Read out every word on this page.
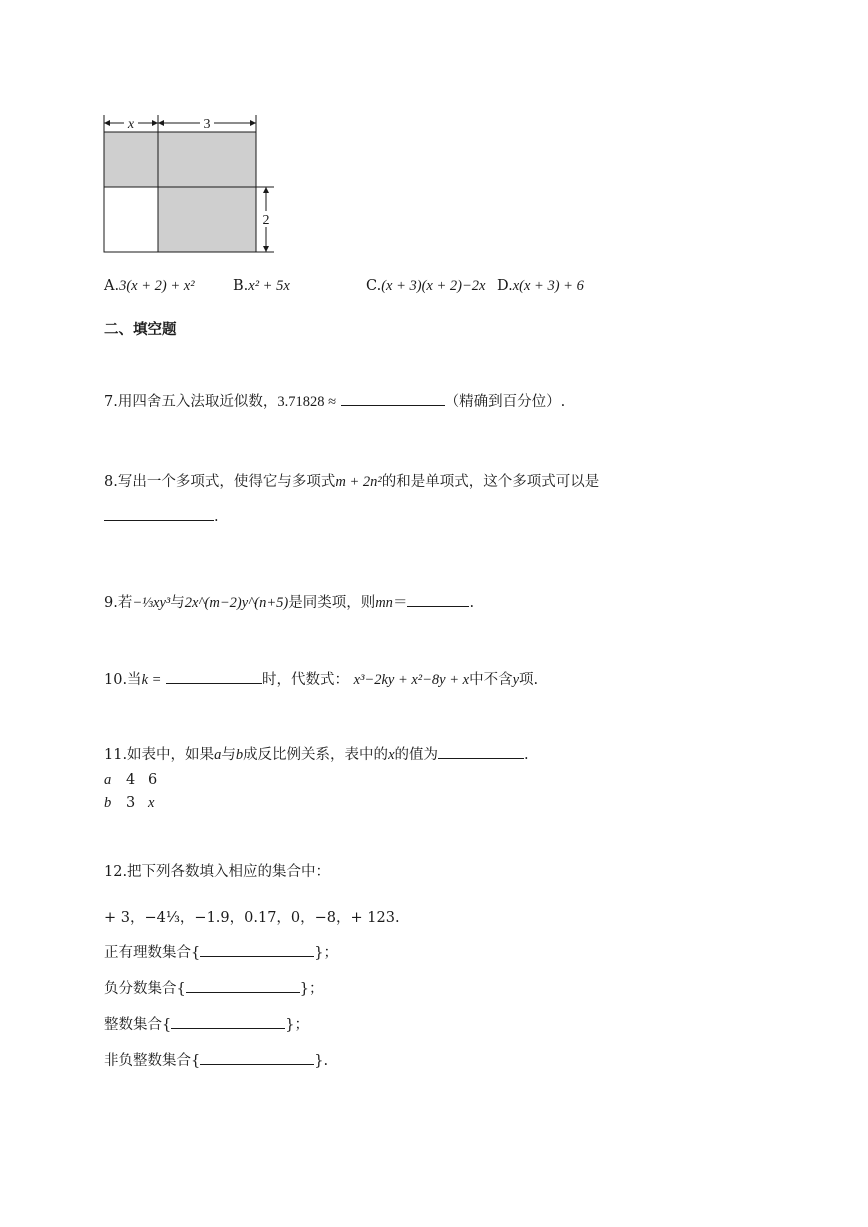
x	3
2
A.3(x + 2) + x²	B.x² + 5x	C.(x + 3)(x + 2)−2x D.x(x + 3) + 6
二、填空题
7.用四舍五入法取近似数，3.71828 ≈	（精确到百分位）.
8.写出一个多项式，使得它与多项式m + 2n²的和是单项式，这个多项式可以是
.
9.若−⅓xy³与2x^(m−2)y^(n+5)是同类项，则mn＝	.
10.当k =	时，代数式： x³−2ky + x²−8y + x中不含y项.
11.如表中，如果a与b成反比例关系，表中的x的值为	.
a 4 6
b 3 x
12.把下列各数填入相应的集合中：
+ 3，−4⅓，−1.9，0.17，0，−8，+ 123.
正有理数集合{	}；
负分数集合{	}；
整数集合{	}；
非负整数集合{	}.
